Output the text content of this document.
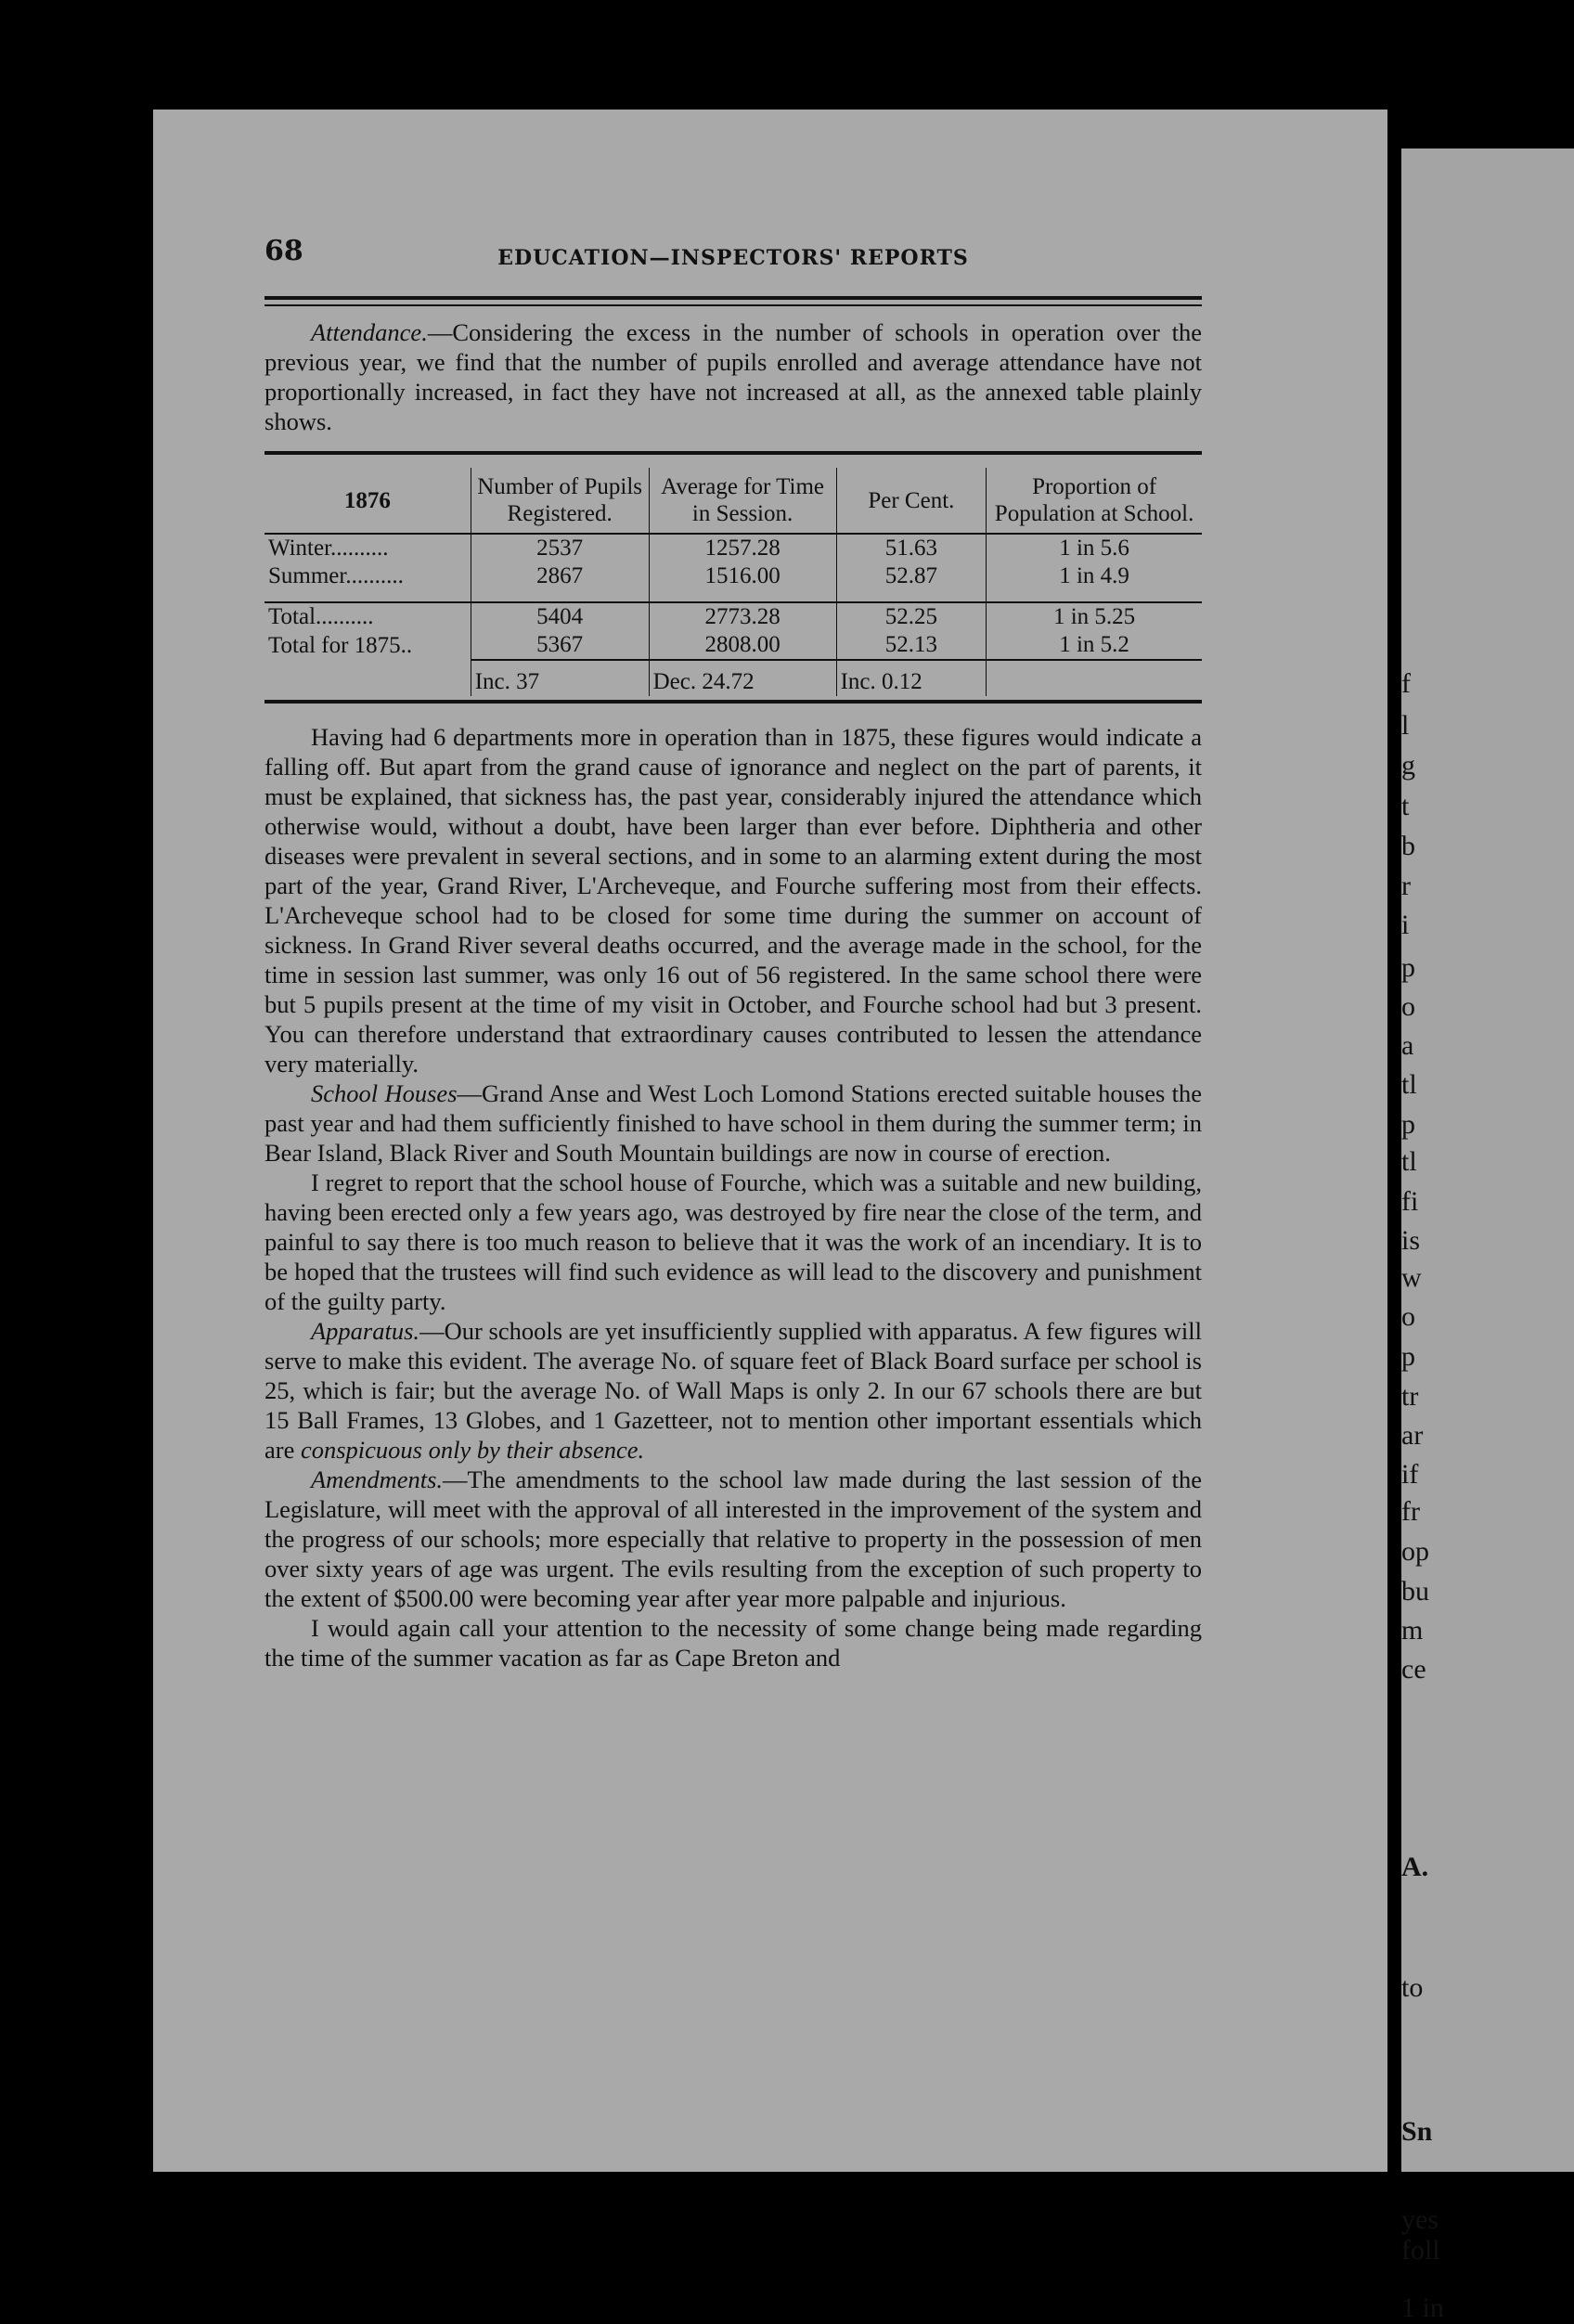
f
l
g
t
b
r
i
p
o
a
tl
p
tl
fi
is
w
o
p
tr
ar
if
fr
op
bu
m
ce
A.
to
Sn
yes
foll
1 in
68	EDUCATION—INSPECTORS' REPORTS

Attendance.—Considering the excess in the number of schools in operation over the previous year, we find that the number of pupils enrolled and average attendance have not proportionally increased, in fact they have not increased at all, as the annexed table plainly shows.

1876	Number of Pupils Registered.	Average for Time in Session.	Per Cent.	Proportion of Population at School.
Winter..........	2537	1257.28	51.63	1 in 5.6
Summer..........	2867	1516.00	52.87	1 in 4.9

Total..........	5404	2773.28	52.25	1 in 5.25
Total for 1875..	5367	2808.00	52.13	1 in 5.2
	Inc. 37	Dec. 24.72	Inc. 0.12	

Having had 6 departments more in operation than in 1875, these figures would indicate a falling off. But apart from the grand cause of ignorance and neglect on the part of parents, it must be explained, that sickness has, the past year, considerably injured the attendance which otherwise would, without a doubt, have been larger than ever before. Diphtheria and other diseases were prevalent in several sections, and in some to an alarming extent during the most part of the year, Grand River, L'Archeveque, and Fourche suffering most from their effects. L'Archeveque school had to be closed for some time during the summer on account of sickness. In Grand River several deaths occurred, and the average made in the school, for the time in session last summer, was only 16 out of 56 registered. In the same school there were but 5 pupils present at the time of my visit in October, and Fourche school had but 3 present. You can therefore understand that extraordinary causes contributed to lessen the attendance very materially.

School Houses—Grand Anse and West Loch Lomond Stations erected suitable houses the past year and had them sufficiently finished to have school in them during the summer term; in Bear Island, Black River and South Mountain buildings are now in course of erection.

I regret to report that the school house of Fourche, which was a suitable and new building, having been erected only a few years ago, was destroyed by fire near the close of the term, and painful to say there is too much reason to believe that it was the work of an incendiary. It is to be hoped that the trustees will find such evidence as will lead to the discovery and punishment of the guilty party.

Apparatus.—Our schools are yet insufficiently supplied with apparatus. A few figures will serve to make this evident. The average No. of square feet of Black Board surface per school is 25, which is fair; but the average No. of Wall Maps is only 2. In our 67 schools there are but 15 Ball Frames, 13 Globes, and 1 Gazetteer, not to mention other important essentials which are conspicuous only by their absence.

Amendments.—The amendments to the school law made during the last session of the Legislature, will meet with the approval of all interested in the improvement of the system and the progress of our schools; more especially that relative to property in the possession of men over sixty years of age was urgent. The evils resulting from the exception of such property to the extent of $500.00 were becoming year after year more palpable and injurious.

I would again call your attention to the necessity of some change being made regarding the time of the summer vacation as far as Cape Breton and
